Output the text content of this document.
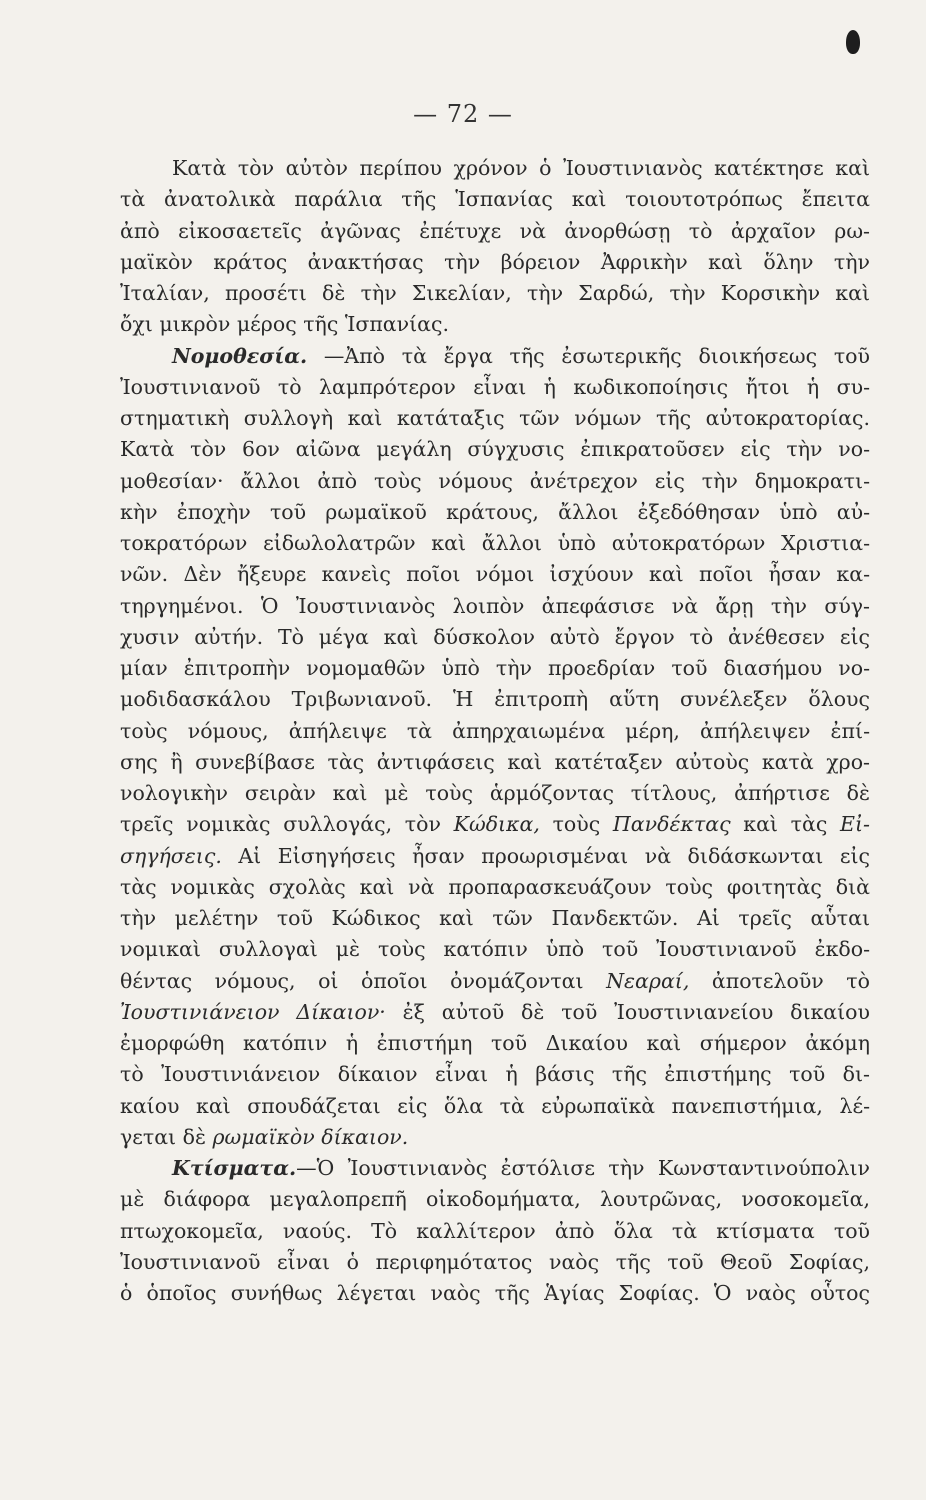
— 72 —
Κατὰ τὸν αὐτὸν περίπου χρόνον ὁ Ἰουστινιανὸς κατέκτησε καὶ
τὰ ἀνατολικὰ παράλια τῆς Ἱσπανίας καὶ τοιουτοτρόπως ἔπειτα
ἀπὸ εἰκοσαετεῖς ἀγῶνας ἐπέτυχε νὰ ἀνορθώσῃ τὸ ἀρχαῖον ρω-
μαϊκὸν κράτος ἀνακτήσας τὴν βόρειον Ἀφρικὴν καὶ ὅλην τὴν
Ἰταλίαν, προσέτι δὲ τὴν Σικελίαν, τὴν Σαρδώ, τὴν Κορσικὴν καὶ
ὄχι μικρὸν μέρος τῆς Ἱσπανίας.
Νομοθεσία. —Ἀπὸ τὰ ἔργα τῆς ἐσωτερικῆς διοικήσεως τοῦ
Ἰουστινιανοῦ τὸ λαμπρότερον εἶναι ἡ κωδικοποίησις ἤτοι ἡ συ-
στηματικὴ συλλογὴ καὶ κατάταξις τῶν νόμων τῆς αὐτοκρατορίας.
Κατὰ τὸν 6ον αἰῶνα μεγάλη σύγχυσις ἐπικρατοῦσεν εἰς τὴν νο-
μοθεσίαν· ἄλλοι ἀπὸ τοὺς νόμους ἀνέτρεχον εἰς τὴν δημοκρατι-
κὴν ἐποχὴν τοῦ ρωμαϊκοῦ κράτους, ἄλλοι ἐξεδόθησαν ὑπὸ αὐ-
τοκρατόρων εἰδωλολατρῶν καὶ ἄλλοι ὑπὸ αὐτοκρατόρων Χριστια-
νῶν. Δὲν ἤξευρε κανεὶς ποῖοι νόμοι ἰσχύουν καὶ ποῖοι ἦσαν κα-
τηργημένοι. Ὁ Ἰουστινιανὸς λοιπὸν ἀπεφάσισε νὰ ἄρῃ τὴν σύγ-
χυσιν αὐτήν. Τὸ μέγα καὶ δύσκολον αὐτὸ ἔργον τὸ ἀνέθεσεν εἰς
μίαν ἐπιτροπὴν νομομαθῶν ὑπὸ τὴν προεδρίαν τοῦ διασήμου νο-
μοδιδασκάλου Τριβωνιανοῦ. Ἡ ἐπιτροπὴ αὕτη συνέλεξεν ὅλους
τοὺς νόμους, ἀπήλειψε τὰ ἀπηρχαιωμένα μέρη, ἀπήλειψεν ἐπί-
σης ἢ συνεβίβασε τὰς ἀντιφάσεις καὶ κατέταξεν αὐτοὺς κατὰ χρο-
νολογικὴν σειρὰν καὶ μὲ τοὺς ἁρμόζοντας τίτλους, ἀπήρτισε δὲ
τρεῖς νομικὰς συλλογάς, τὸν Κώδικα, τοὺς Πανδέκτας καὶ τὰς Εἰ-
σηγήσεις. Αἱ Εἰσηγήσεις ἦσαν προωρισμέναι νὰ διδάσκωνται εἰς
τὰς νομικὰς σχολὰς καὶ νὰ προπαρασκευάζουν τοὺς φοιτητὰς διὰ
τὴν μελέτην τοῦ Κώδικος καὶ τῶν Πανδεκτῶν. Αἱ τρεῖς αὗται
νομικαὶ συλλογαὶ μὲ τοὺς κατόπιν ὑπὸ τοῦ Ἰουστινιανοῦ ἐκδο-
θέντας νόμους, οἱ ὁποῖοι ὀνομάζονται Νεαραί, ἀποτελοῦν τὸ
Ἰουστινιάνειον Δίκαιον· ἐξ αὐτοῦ δὲ τοῦ Ἰουστινιανείου δικαίου
ἐμορφώθη κατόπιν ἡ ἐπιστήμη τοῦ Δικαίου καὶ σήμερον ἀκόμη
τὸ Ἰουστινιάνειον δίκαιον εἶναι ἡ βάσις τῆς ἐπιστήμης τοῦ δι-
καίου καὶ σπουδάζεται εἰς ὅλα τὰ εὐρωπαϊκὰ πανεπιστήμια, λέ-
γεται δὲ ρωμαϊκὸν δίκαιον.
Κτίσματα.—Ὁ Ἰουστινιανὸς ἐστόλισε τὴν Κωνσταντινούπολιν
μὲ διάφορα μεγαλοπρεπῆ οἰκοδομήματα, λουτρῶνας, νοσοκομεῖα,
πτωχοκομεῖα, ναούς. Τὸ καλλίτερον ἀπὸ ὅλα τὰ κτίσματα τοῦ
Ἰουστινιανοῦ εἶναι ὁ περιφημότατος ναὸς τῆς τοῦ Θεοῦ Σοφίας,
ὁ ὁποῖος συνήθως λέγεται ναὸς τῆς Ἁγίας Σοφίας. Ὁ ναὸς οὗτος
